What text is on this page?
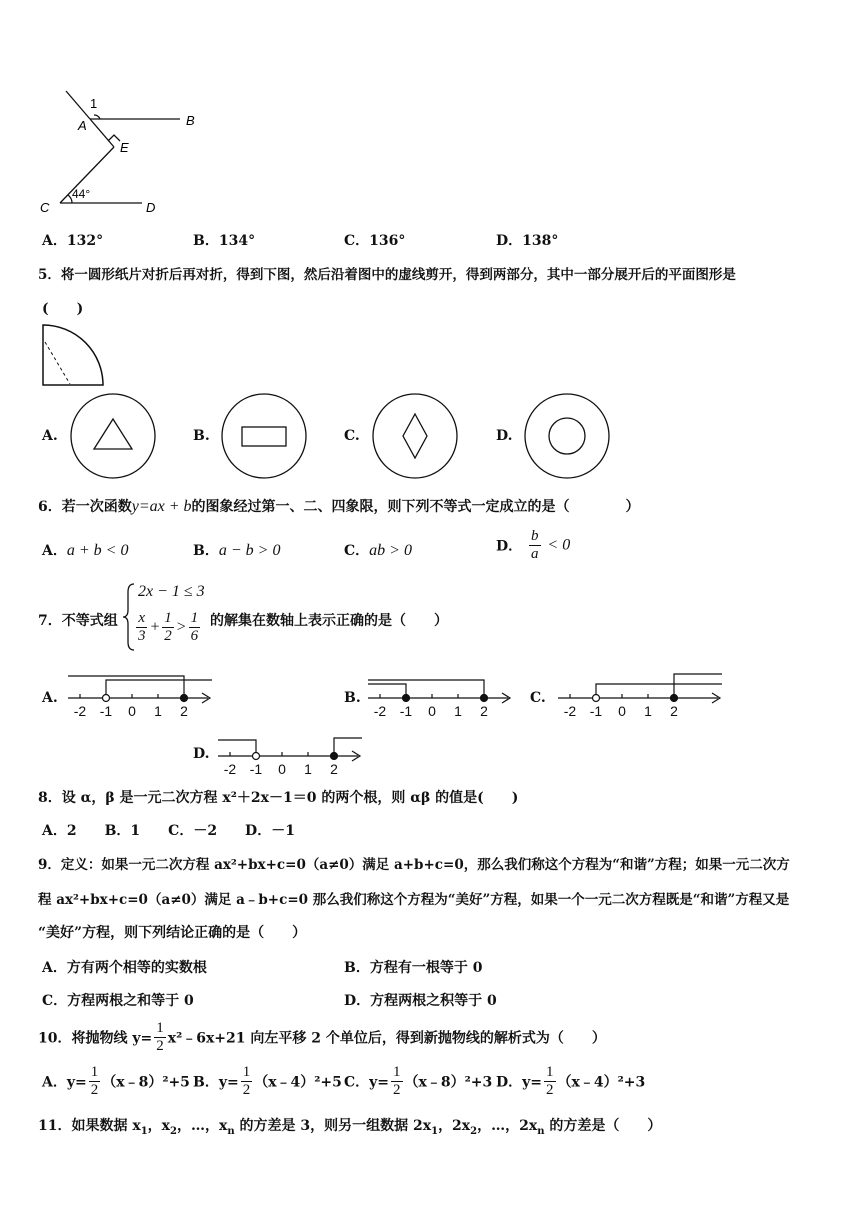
1
A	B
E
C	D
44°
A．132°	B．134°	C．136°	D．138°
5．将一圆形纸片对折后再对折，得到下图，然后沿着图中的虚线剪开，得到两部分，其中一部分展开后的平面图形是
(　　)
A.	B.	C.	D.
6．若一次函数y=ax + b的图象经过第一、二、四象限，则下列不等式一定成立的是（　　　　）
A．a + b < 0	B．a − b > 0	C．ab > 0	D． $\frac{b}{a} < 0$
7．不等式组
2x − 1 ≤ 3
$\frac{x}{3} + \frac{1}{2} > \frac{1}{6}$ 的解集在数轴上表示正确的是（　　）
A.
-2 -1 0 1 2
B.
-2 -1 0 1 2
C.
-2 -1 0 1 2
D.
-2 -1 0 1 2
8．设 α，β 是一元二次方程 x²＋2x－1＝0 的两个根，则 αβ 的值是(　　)
A．2　　B．1　　C．－2　　D．－1
9．定义：如果一元二次方程 ax²+bx+c=0（a≠0）满足 a+b+c=0，那么我们称这个方程为“和谐”方程；如果一元二次方
程 ax²+bx+c=0（a≠0）满足 a﹣b+c=0 那么我们称这个方程为“美好”方程，如果一个一元二次方程既是“和谐”方程又是
“美好”方程，则下列结论正确的是（　　）
A．方有两个相等的实数根	B．方程有一根等于 0
C．方程两根之和等于 0	D．方程两根之积等于 0
10．将抛物线 $y= \frac{1}{2}$ x²﹣6x+21 向左平移 2 个单位后，得到新抛物线的解析式为（　　）
A．$y= \frac{1}{2}$ （x﹣8）²+5 B．$y= \frac{1}{2}$ （x﹣4）²+5 C．$y= \frac{1}{2}$ （x﹣8）²+3 D．$y= \frac{1}{2}$ （x﹣4）²+3
11．如果数据 $x_1$，$x_2$，…，$x_n$ 的方差是 3，则另一组数据 $2x_1$，$2x_2$，…，$2x_n$ 的方差是（　　）
